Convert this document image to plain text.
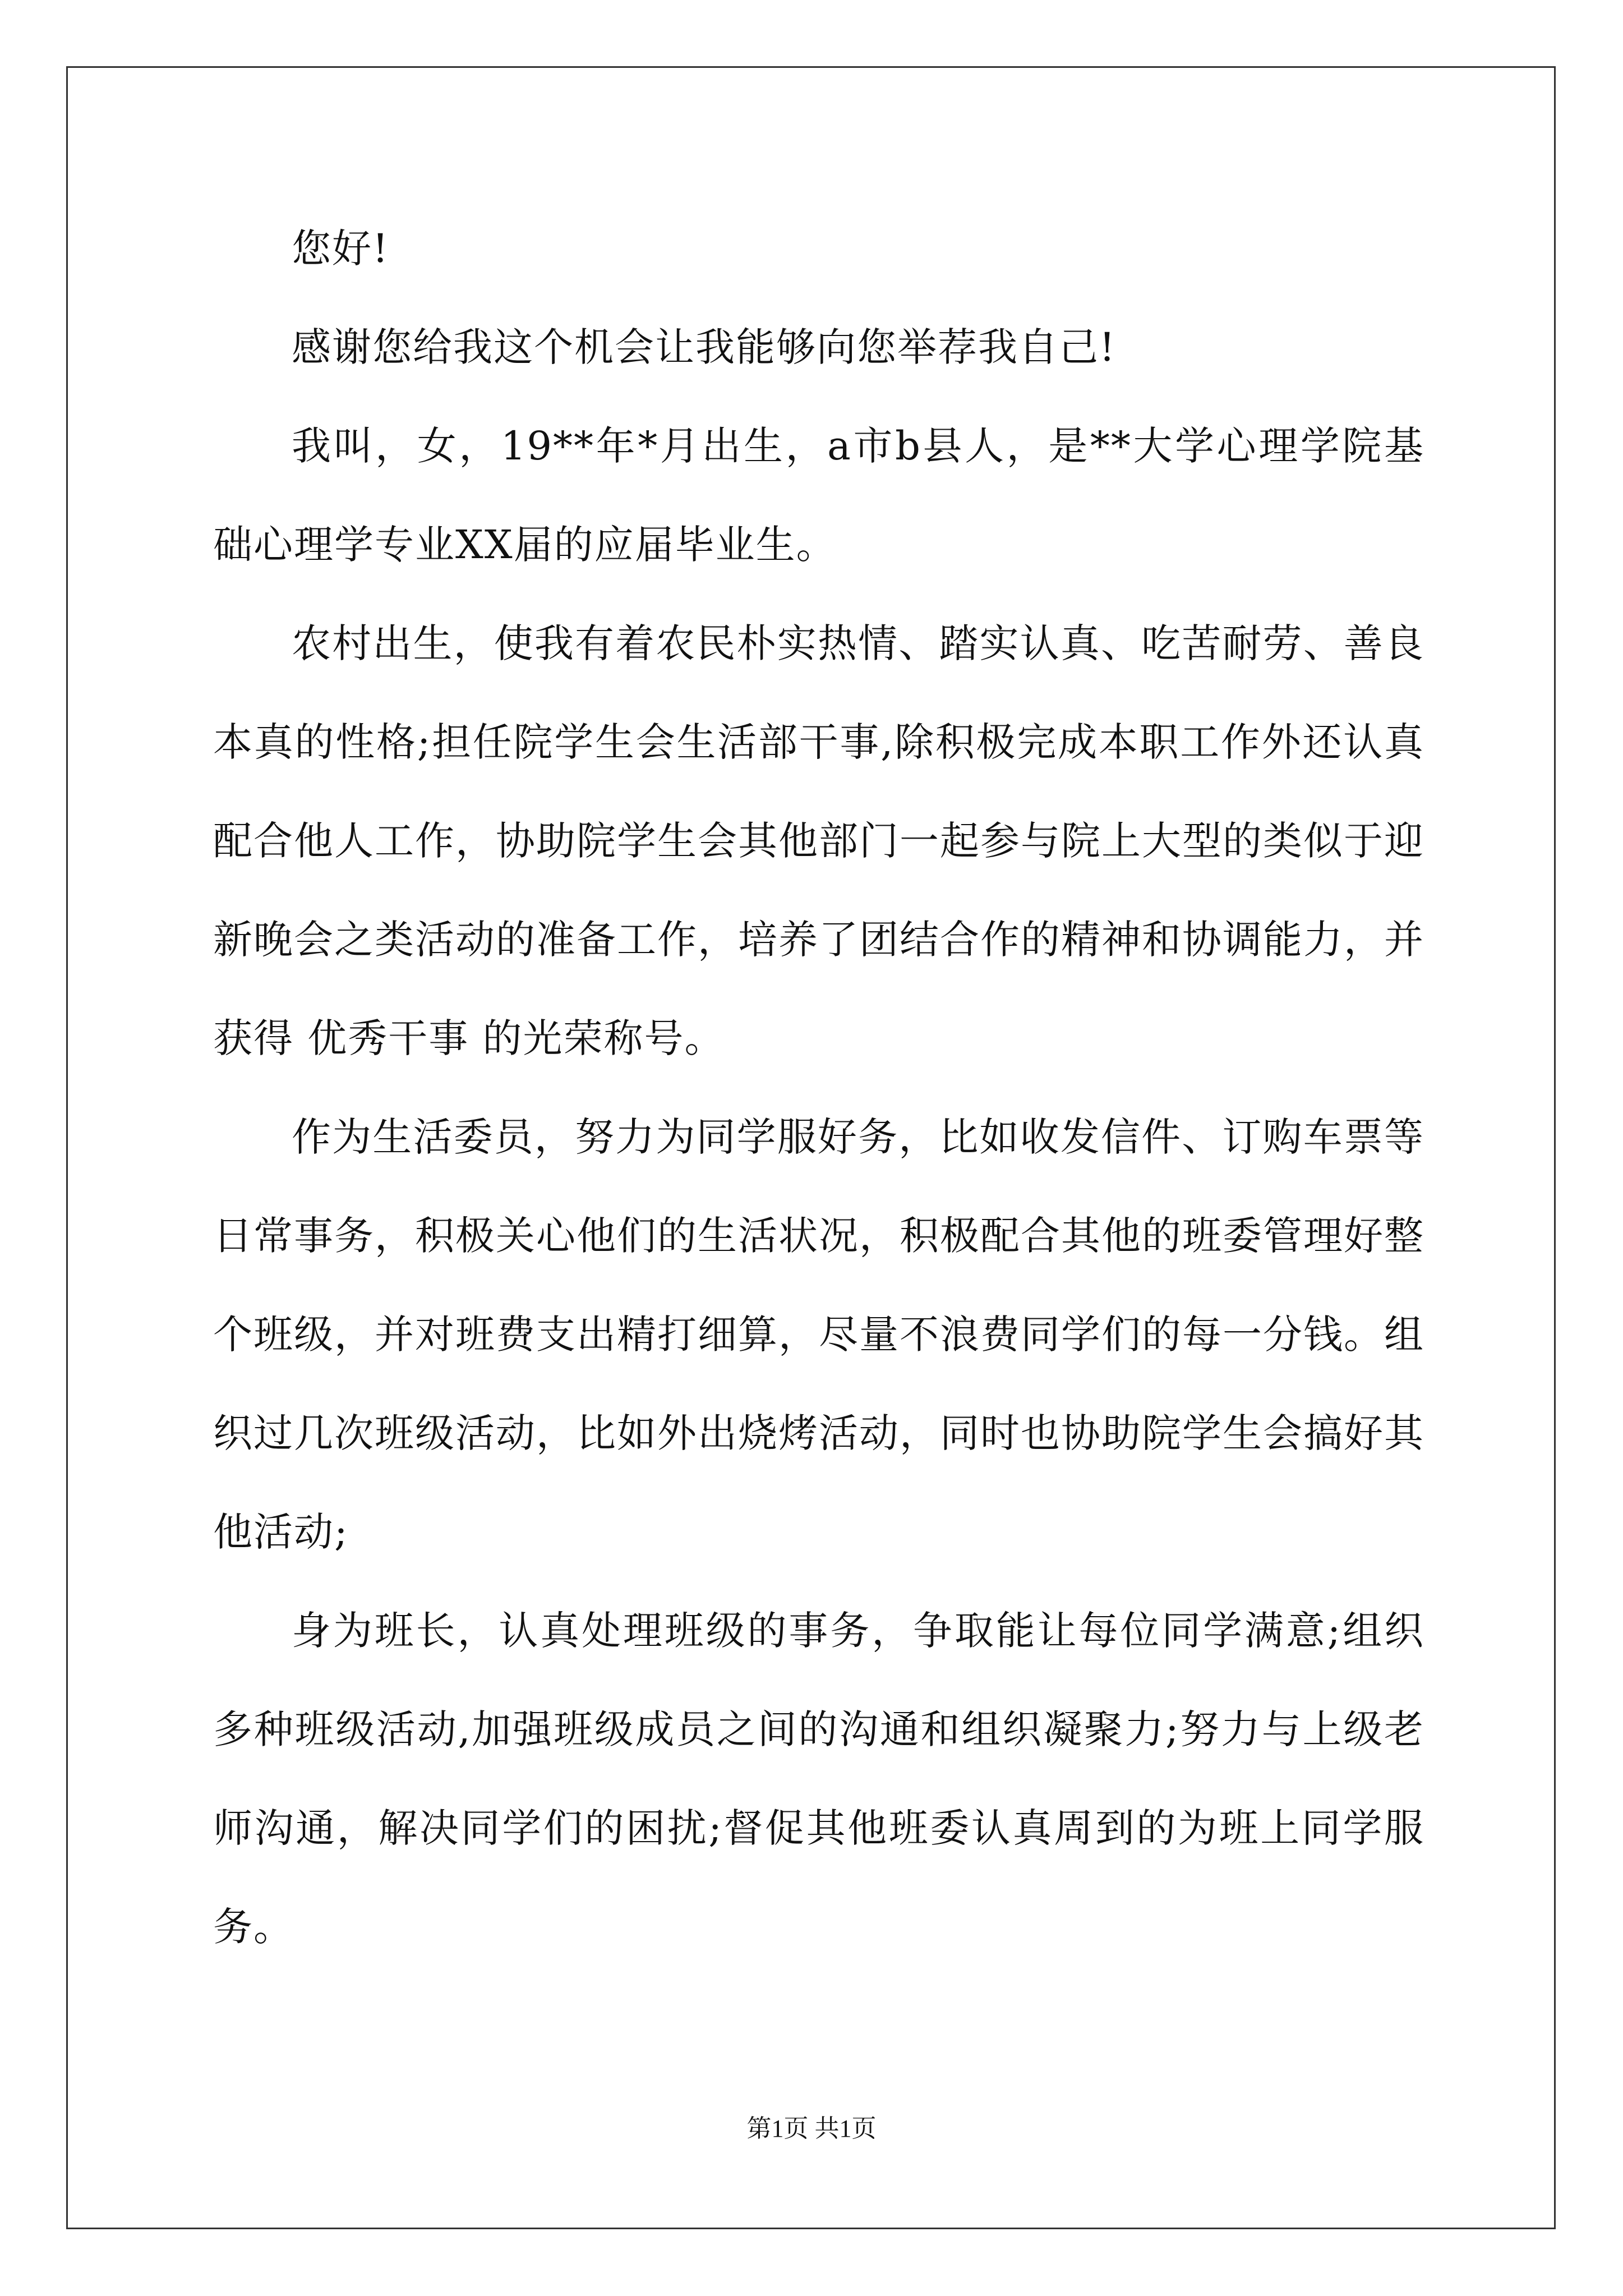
您好!

感谢您给我这个机会让我能够向您举荐我自己!

我叫，女，19**年*月出生，a市b县人，是**大学心理学院基础心理学专业XX届的应届毕业生。

农村出生，使我有着农民朴实热情、踏实认真、吃苦耐劳、善良本真的性格;担任院学生会生活部干事,除积极完成本职工作外还认真配合他人工作，协助院学生会其他部门一起参与院上大型的类似于迎新晚会之类活动的准备工作，培养了团结合作的精神和协调能力，并获得 优秀干事 的光荣称号。

作为生活委员，努力为同学服好务，比如收发信件、订购车票等日常事务，积极关心他们的生活状况，积极配合其他的班委管理好整个班级，并对班费支出精打细算，尽量不浪费同学们的每一分钱。组织过几次班级活动，比如外出烧烤活动，同时也协助院学生会搞好其他活动;

身为班长，认真处理班级的事务，争取能让每位同学满意;组织多种班级活动,加强班级成员之间的沟通和组织凝聚力;努力与上级老师沟通，解决同学们的困扰;督促其他班委认真周到的为班上同学服务。

第1页 共1页
